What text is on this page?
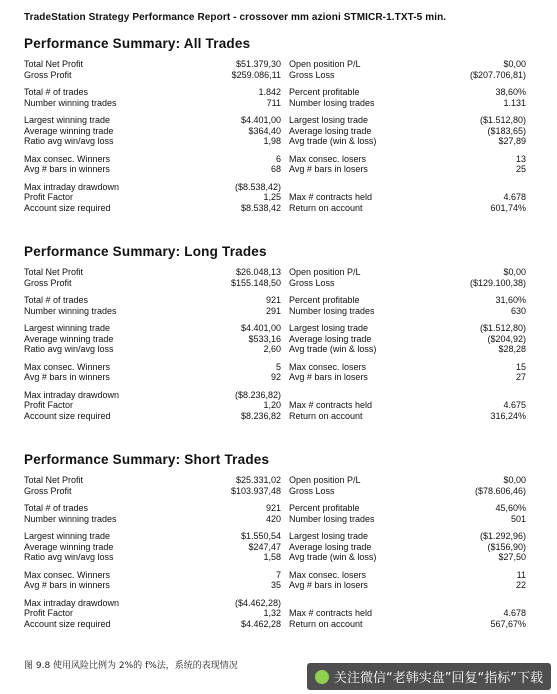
TradeStation Strategy Performance Report - crossover mm azioni STMICR-1.TXT-5 min.
Performance Summary: All Trades
Total Net Profit	$51.379,30 Open position P/L	$0,00
Gross Profit	$259.086,11 Gross Loss	($207.706,81)
Total # of trades	1.842 Percent profitable	38,60%
Number winning trades	711 Number losing trades	1.131
Largest winning trade	$4.401,00 Largest losing trade	($1.512,80)
Average winning trade	$364,40 Average losing trade	($183,65)
Ratio avg win/avg loss	1,98 Avg trade (win & loss)	$27,89
Max consec. Winners	6 Max consec. losers	13
Avg # bars in winners	68 Avg # bars in losers	25
Max intraday drawdown	($8.538,42)
Profit Factor	1,25 Max # contracts held	4.678
Account size required	$8.538,42 Return on account	601,74%
Performance Summary: Long Trades
Total Net Profit	$26.048,13 Open position P/L	$0,00
Gross Profit	$155.148,50 Gross Loss	($129.100,38)
Total # of trades	921 Percent profitable	31,60%
Number winning trades	291 Number losing trades	630
Largest winning trade	$4.401,00 Largest losing trade	($1.512,80)
Average winning trade	$533,16 Average losing trade	($204,92)
Ratio avg win/avg loss	2,60 Avg trade (win & loss)	$28,28
Max consec. Winners	5 Max consec. losers	15
Avg # bars in winners	92 Avg # bars in losers	27
Max intraday drawdown	($8.236,82)
Profit Factor	1,20 Max # contracts held	4.675
Account size required	$8.236,82 Return on account	316,24%
Performance Summary: Short Trades
Total Net Profit	$25.331,02 Open position P/L	$0,00
Gross Profit	$103.937,48 Gross Loss	($78.606,46)
Total # of trades	921 Percent profitable	45,60%
Number winning trades	420 Number losing trades	501
Largest winning trade	$1.550,54 Largest losing trade	($1.292,96)
Average winning trade	$247,47 Average losing trade	($156,90)
Ratio avg win/avg loss	1,58 Avg trade (win & loss)	$27,50
Max consec. Winners	7 Max consec. losers	11
Avg # bars in winners	35 Avg # bars in losers	22
Max intraday drawdown	($4.462,28)
Profit Factor	1,32 Max # contracts held	4.678
Account size required	$4.462,28 Return on account	567,67%
图 9.8 使用风险比例为 2%的 f%法，系统的表现情况
关注微信“老韩实盘”回复“指标”下载
